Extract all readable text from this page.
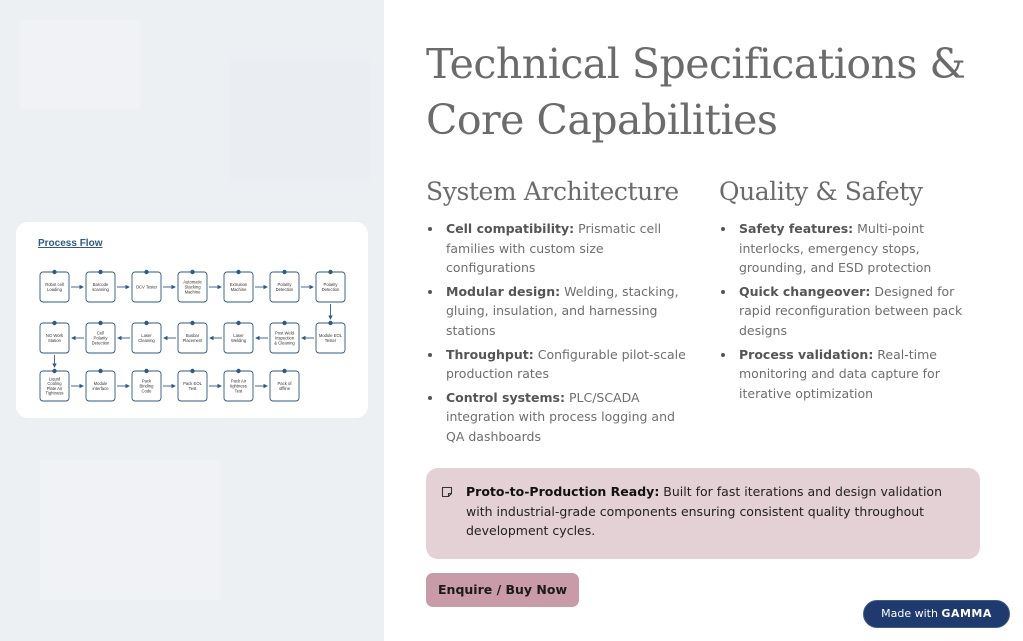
Process Flow
Robot cell
Loading
Barcode
scanning	OCV Tester
Automatic
Stacking
Machine
Extrusion
Machine
Polarity
Detection
Polarity
Detection
Module EOL
Tester
Post Weld
Inspection
& Cleaning
Laser
Welding
Busbar
Placement
Laser
Cleaning
Cell
Polarity
Detection
NG Work
Station
Liquid
Cooling
Plate Air
Tightness
Module
interface
Pack
Binding
Code
Pack EOL
Test
Pack Air
tightness
Test
Pack of
offline
Technical Specifications & Core Capabilities
System Architecture
Cell compatibility: Prismatic cell families with custom size configurations
Modular design: Welding, stacking, gluing, insulation, and harnessing stations
Throughput: Configurable pilot-scale production rates
Control systems: PLC/SCADA integration with process logging and QA dashboards
Quality & Safety
Safety features: Multi-point interlocks, emergency stops, grounding, and ESD protection
Quick changeover: Designed for rapid reconfiguration between pack designs
Process validation: Real-time monitoring and data capture for iterative optimization
Proto-to-Production Ready: Built for fast iterations and design validation with industrial-grade components ensuring consistent quality throughout development cycles.
Enquire / Buy Now
Made with GAMMA
